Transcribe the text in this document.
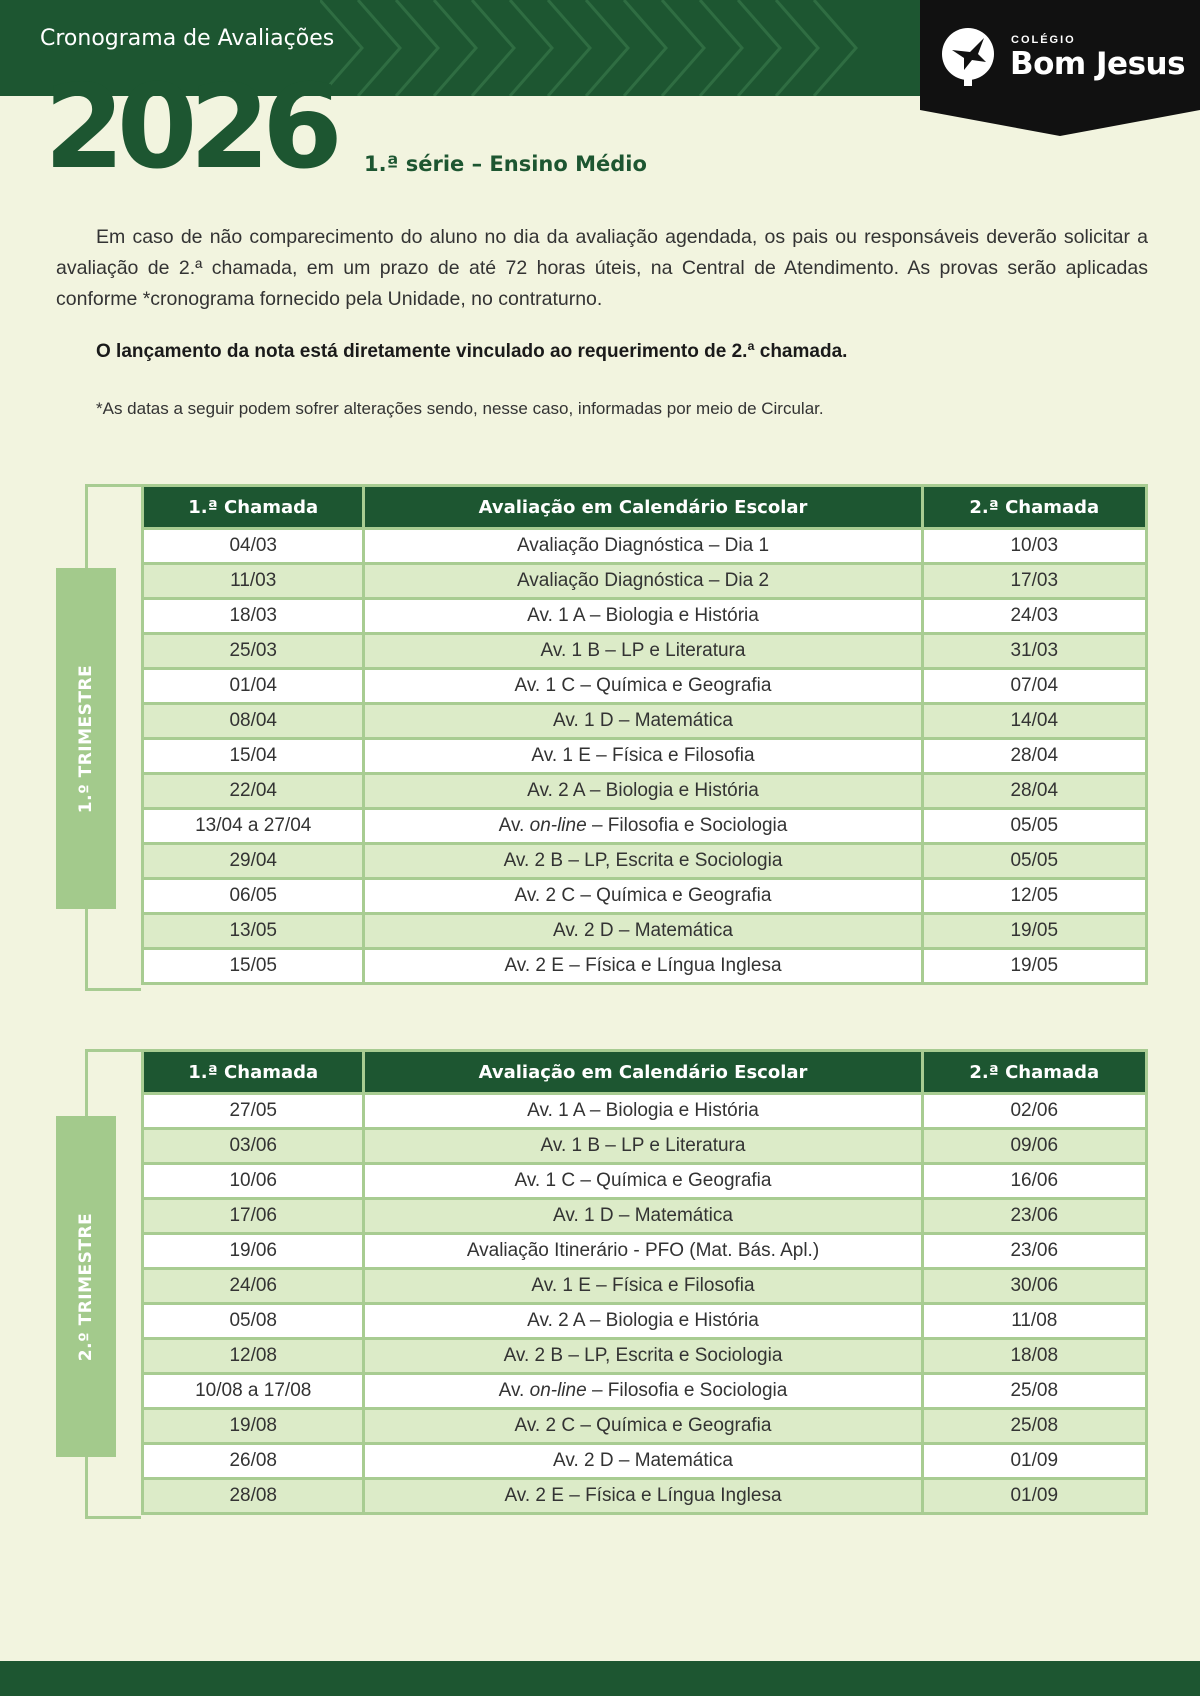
Cronograma de Avaliações
2026
COLÉGIO
Bom Jesus
1.ª série – Ensino Médio

Em caso de não comparecimento do aluno no dia da avaliação agendada, os pais ou responsáveis deverão solicitar a avaliação de 2.ª chamada, em um prazo de até 72 horas úteis, na Central de Atendimento. As provas serão aplicadas conforme *cronograma fornecido pela Unidade, no contraturno.

O lançamento da nota está diretamente vinculado ao requerimento de 2.ª chamada.

*As datas a seguir podem sofrer alterações sendo, nesse caso, informadas por meio de Circular.

1.º TRIMESTRE
1.ª Chamada	Avaliação em Calendário Escolar	2.ª Chamada
04/03	Avaliação Diagnóstica – Dia 1	10/03
11/03	Avaliação Diagnóstica – Dia 2	17/03
18/03	Av. 1 A – Biologia e História	24/03
25/03	Av. 1 B – LP e Literatura	31/03
01/04	Av. 1 C – Química e Geografia	07/04
08/04	Av. 1 D – Matemática	14/04
15/04	Av. 1 E – Física e Filosofia	28/04
22/04	Av. 2 A – Biologia e História	28/04
13/04 a 27/04	Av. on-line – Filosofia e Sociologia	05/05
29/04	Av. 2 B – LP, Escrita e Sociologia	05/05
06/05	Av. 2 C – Química e Geografia	12/05
13/05	Av. 2 D – Matemática	19/05
15/05	Av. 2 E – Física e Língua Inglesa	19/05
2.º TRIMESTRE
1.ª Chamada	Avaliação em Calendário Escolar	2.ª Chamada
27/05	Av. 1 A – Biologia e História	02/06
03/06	Av. 1 B – LP e Literatura	09/06
10/06	Av. 1 C – Química e Geografia	16/06
17/06	Av. 1 D – Matemática	23/06
19/06	Avaliação Itinerário - PFO (Mat. Bás. Apl.)	23/06
24/06	Av. 1 E – Física e Filosofia	30/06
05/08	Av. 2 A – Biologia e História	11/08
12/08	Av. 2 B – LP, Escrita e Sociologia	18/08
10/08 a 17/08	Av. on-line – Filosofia e Sociologia	25/08
19/08	Av. 2 C – Química e Geografia	25/08
26/08	Av. 2 D – Matemática	01/09
28/08	Av. 2 E – Física e Língua Inglesa	01/09
